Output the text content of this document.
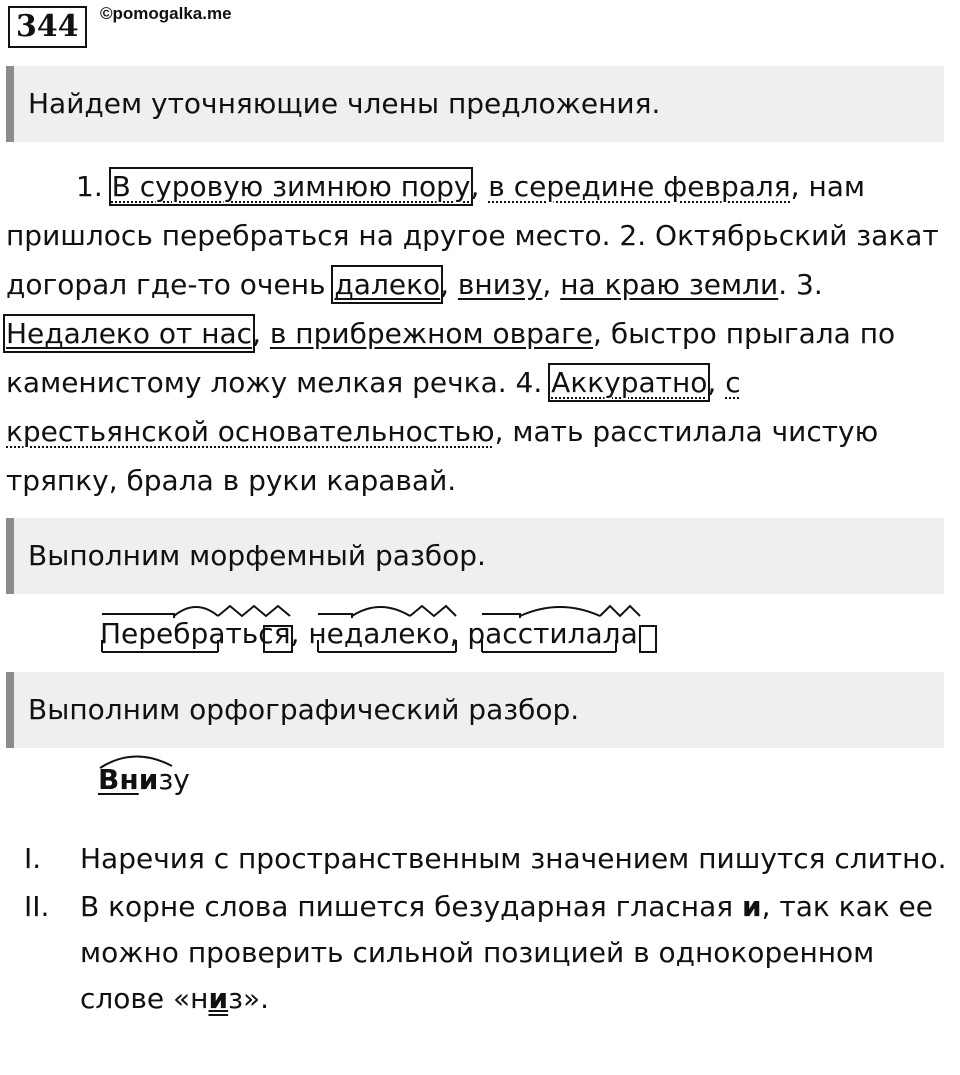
344	©pomogalka.me
Найдем уточняющие члены предложения.
1. В суровую зимнюю пору, в середине февраля, нам пришлось перебраться на другое место. 2. Октябрьский закат догорал где-то очень далеко, внизу, на краю земли. 3. Недалеко от нас, в прибрежном овраге, быстро прыгала по каменистому ложу мелкая речка. 4. Аккуратно, с крестьянской основательностью, мать расстилала чистую тряпку, брала в руки каравай.
Выполним морфемный разбор.
Перебраться, недалеко, расстилала
Выполним орфографический разбор.
Внизу
I.	Наречия с пространственным значением пишутся слитно.
II.	В корне слова пишется безударная гласная и, так как ее можно проверить сильной позицией в однокоренном слове «низ».
